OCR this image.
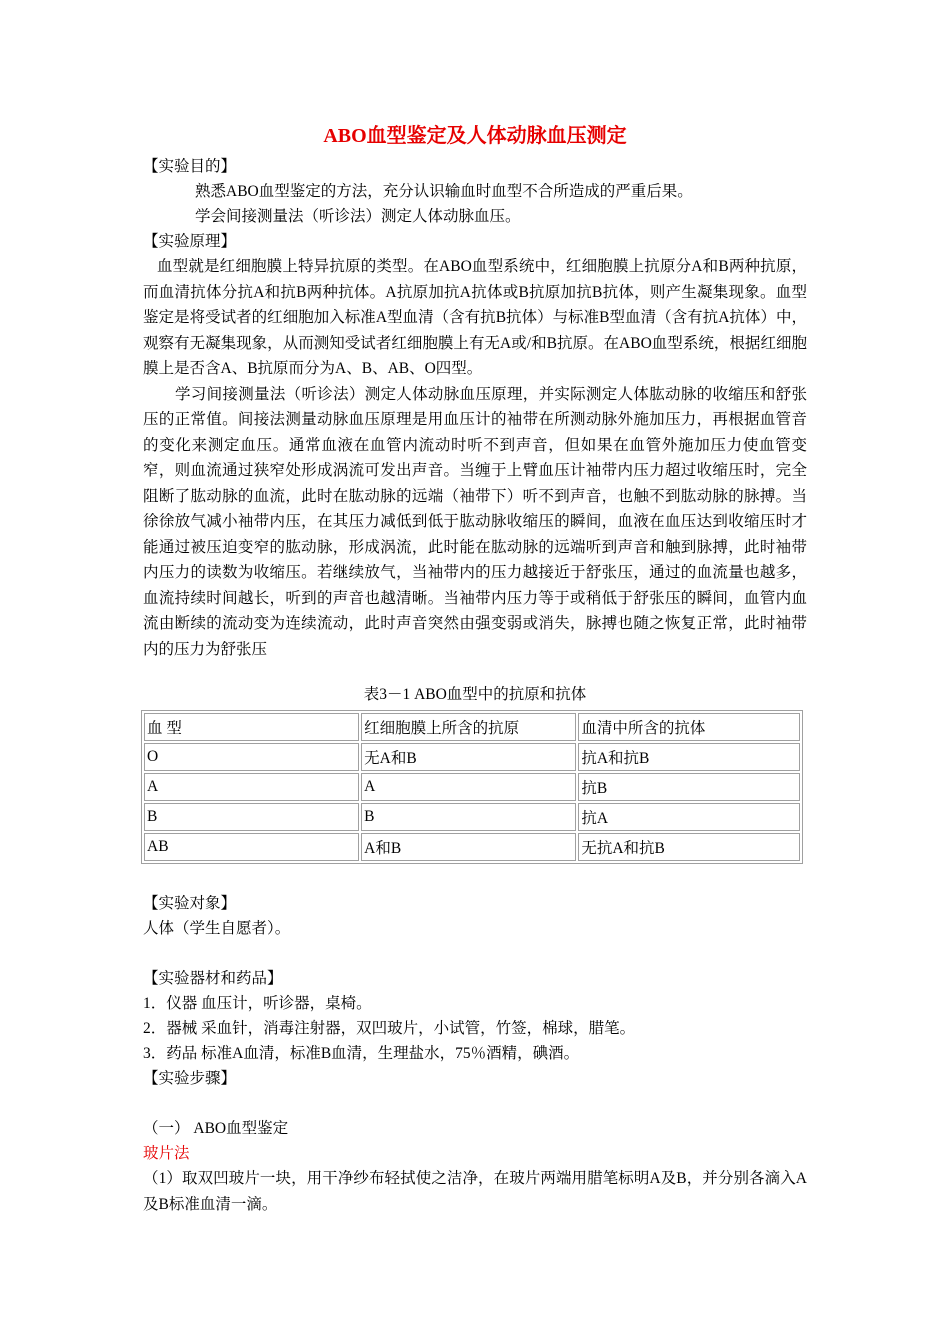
ABO血型鉴定及人体动脉血压测定

【实验目的】

熟悉ABO血型鉴定的方法，充分认识输血时血型不合所造成的严重后果。

学会间接测量法（听诊法）测定人体动脉血压。

【实验原理】

血型就是红细胞膜上特异抗原的类型。在ABO血型系统中，红细胞膜上抗原分A和B两种抗原，而血清抗体分抗A和抗B两种抗体。A抗原加抗A抗体或B抗原加抗B抗体，则产生凝集现象。血型鉴定是将受试者的红细胞加入标准A型血清（含有抗B抗体）与标准B型血清（含有抗A抗体）中，观察有无凝集现象，从而测知受试者红细胞膜上有无A或/和B抗原。在ABO血型系统，根据红细胞膜上是否含A、B抗原而分为A、B、AB、O四型。

学习间接测量法（听诊法）测定人体动脉血压原理，并实际测定人体肱动脉的收缩压和舒张压的正常值。间接法测量动脉血压原理是用血压计的袖带在所测动脉外施加压力，再根据血管音的变化来测定血压。通常血液在血管内流动时听不到声音，但如果在血管外施加压力使血管变窄，则血流通过狭窄处形成涡流可发出声音。当缠于上臂血压计袖带内压力超过收缩压时，完全阻断了肱动脉的血流，此时在肱动脉的远端（袖带下）听不到声音，也触不到肱动脉的脉搏。当徐徐放气减小袖带内压，在其压力减低到低于肱动脉收缩压的瞬间，血液在血压达到收缩压时才能通过被压迫变窄的肱动脉，形成涡流，此时能在肱动脉的远端听到声音和触到脉搏，此时袖带内压力的读数为收缩压。若继续放气，当袖带内的压力越接近于舒张压，通过的血流量也越多，血流持续时间越长，听到的声音也越清晰。当袖带内压力等于或稍低于舒张压的瞬间，血管内血流由断续的流动变为连续流动，此时声音突然由强变弱或消失，脉搏也随之恢复正常，此时袖带内的压力为舒张压

表3－1 ABO血型中的抗原和抗体
血 型	红细胞膜上所含的抗原	血清中所含的抗体
O	无A和B	抗A和抗B
A	A	抗B
B	B	抗A
AB	A和B	无抗A和抗B

【实验对象】

人体（学生自愿者）。

【实验器材和药品】

1．仪器 血压计，听诊器，桌椅。

2．器械 采血针，消毒注射器，双凹玻片，小试管，竹签，棉球，腊笔。

3．药品 标准A血清，标准B血清，生理盐水，75％酒精，碘酒。

【实验步骤】

（一） ABO血型鉴定

玻片法

（1）取双凹玻片一块，用干净纱布轻拭使之洁净，在玻片两端用腊笔标明A及B，并分别各滴入A及B标准血清一滴。
